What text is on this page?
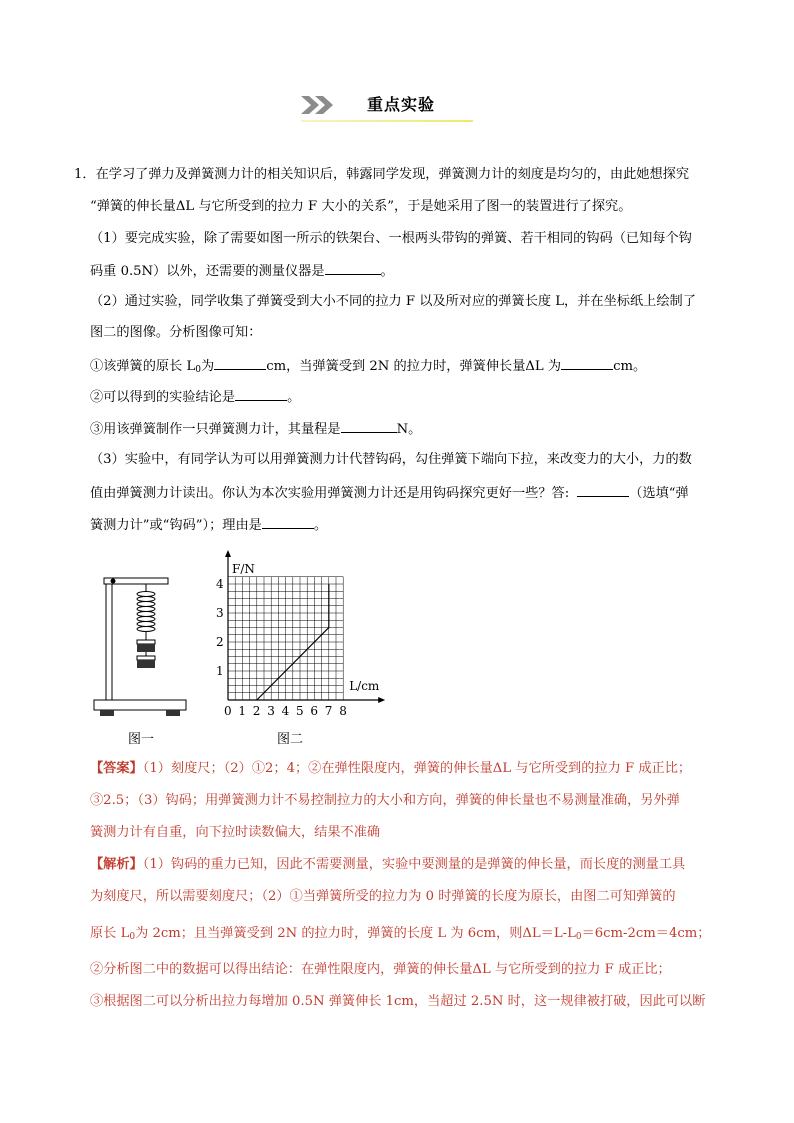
重点实验
1．在学习了弹力及弹簧测力计的相关知识后，韩露同学发现，弹簧测力计的刻度是均匀的，由此她想探究
“弹簧的伸长量ΔL 与它所受到的拉力 F 大小的关系”，于是她采用了图一的装置进行了探究。
（1）要完成实验，除了需要如图一所示的铁架台、一根两头带钩的弹簧、若干相同的钩码（已知每个钩
码重 0.5N）以外，还需要的测量仪器是	。
（2）通过实验，同学收集了弹簧受到大小不同的拉力 F 以及所对应的弹簧长度 L，并在坐标纸上绘制了
图二的图像。分析图像可知：
①该弹簧的原长 $L_0$为	cm，当弹簧受到 2N 的拉力时，弹簧伸长量ΔL 为	cm。
②可以得到的实验结论是	。
③用该弹簧制作一只弹簧测力计，其量程是	N。
（3）实验中，有同学认为可以用弹簧测力计代替钩码，勾住弹簧下端向下拉，来改变力的大小，力的数
值由弹簧测力计读出。你认为本次实验用弹簧测力计还是用钩码探究更好一些？答:	（选填“弹
簧测力计”或“钩码”）；理由是	。
图一
F/N
L/cm
0 1 2 3 4 5 6 7 8
1
2
3
4
图二
【答案】（1）刻度尺；（2）①2；4；②在弹性限度内，弹簧的伸长量ΔL 与它所受到的拉力 F 成正比；
③2.5；（3）钩码；用弹簧测力计不易控制拉力的大小和方向，弹簧的伸长量也不易测量准确，另外弹
簧测力计有自重，向下拉时读数偏大，结果不准确
【解析】（1）钩码的重力已知，因此不需要测量，实验中要测量的是弹簧的伸长量，而长度的测量工具
为刻度尺，所以需要刻度尺；（2）①当弹簧所受的拉力为 0 时弹簧的长度为原长，由图二可知弹簧的
原长 $L_0$为 2cm；且当弹簧受到 2N 的拉力时，弹簧的长度 L 为 6cm，则$\Delta L=L-L_0=6cm-2cm=4cm$；
②分析图二中的数据可以得出结论：在弹性限度内，弹簧的伸长量ΔL 与它所受到的拉力 F 成正比；
③根据图二可以分析出拉力每增加 0.5N 弹簧伸长 1cm，当超过 2.5N 时，这一规律被打破，因此可以断
